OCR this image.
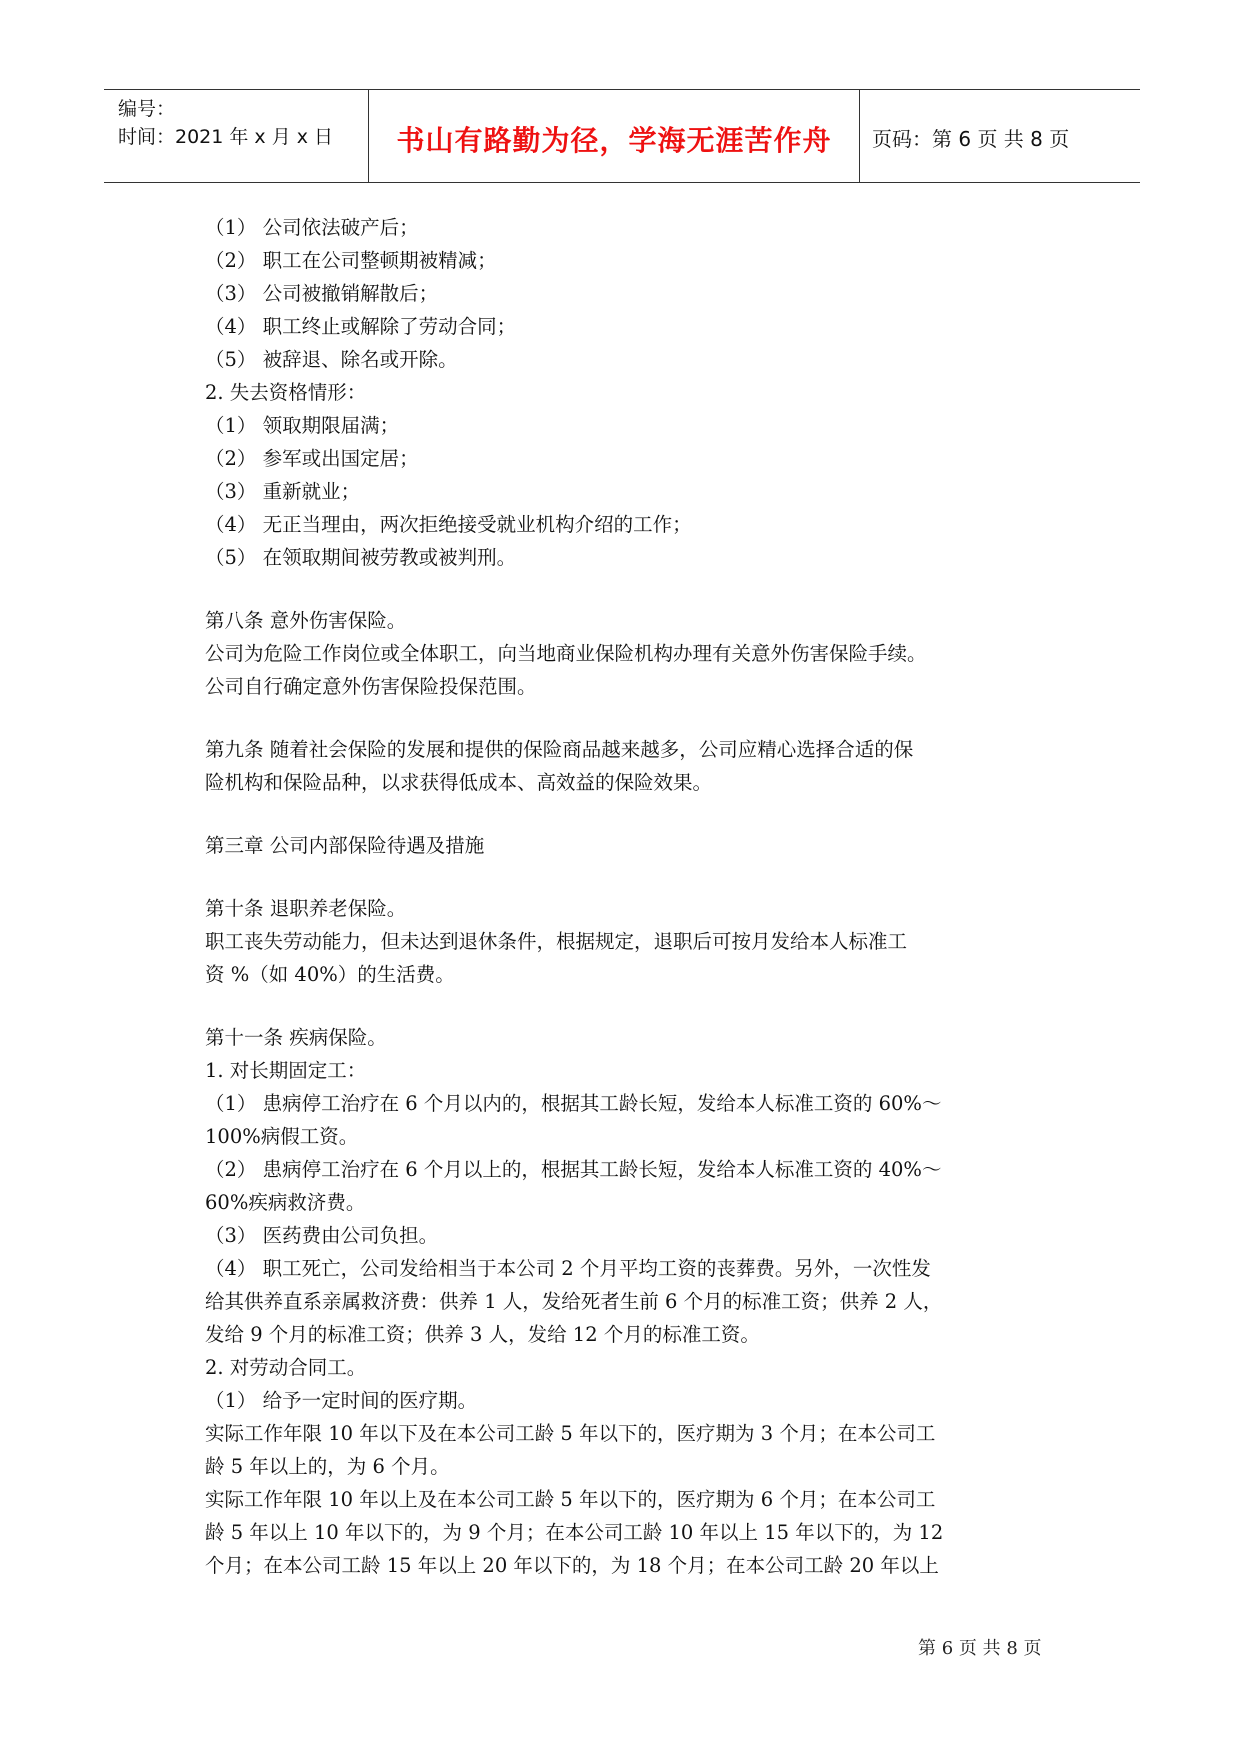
编号：
时间：2021 年 x 月 x 日	书山有路勤为径，学海无涯苦作舟	页码：第 6 页 共 8 页
（1） 公司依法破产后；
（2） 职工在公司整顿期被精减；
（3） 公司被撤销解散后；
（4） 职工终止或解除了劳动合同；
（5） 被辞退、除名或开除。
2. 失去资格情形：
（1） 领取期限届满；
（2） 参军或出国定居；
（3） 重新就业；
（4） 无正当理由，两次拒绝接受就业机构介绍的工作；
（5） 在领取期间被劳教或被判刑。
第八条 意外伤害保险。
公司为危险工作岗位或全体职工，向当地商业保险机构办理有关意外伤害保险手续。
公司自行确定意外伤害保险投保范围。
第九条 随着社会保险的发展和提供的保险商品越来越多，公司应精心选择合适的保
险机构和保险品种，以求获得低成本、高效益的保险效果。
第三章 公司内部保险待遇及措施
第十条 退职养老保险。
职工丧失劳动能力，但未达到退休条件，根据规定，退职后可按月发给本人标准工
资 %（如 40%）的生活费。
第十一条 疾病保险。
1. 对长期固定工：
（1） 患病停工治疗在 6 个月以内的，根据其工龄长短，发给本人标准工资的 60%～
100%病假工资。
（2） 患病停工治疗在 6 个月以上的，根据其工龄长短，发给本人标准工资的 40%～
60%疾病救济费。
（3） 医药费由公司负担。
（4） 职工死亡，公司发给相当于本公司 2 个月平均工资的丧葬费。另外，一次性发
给其供养直系亲属救济费：供养 1 人，发给死者生前 6 个月的标准工资；供养 2 人，
发给 9 个月的标准工资；供养 3 人，发给 12 个月的标准工资。
2. 对劳动合同工。
（1） 给予一定时间的医疗期。
实际工作年限 10 年以下及在本公司工龄 5 年以下的，医疗期为 3 个月；在本公司工
龄 5 年以上的，为 6 个月。
实际工作年限 10 年以上及在本公司工龄 5 年以下的，医疗期为 6 个月；在本公司工
龄 5 年以上 10 年以下的，为 9 个月；在本公司工龄 10 年以上 15 年以下的，为 12
个月；在本公司工龄 15 年以上 20 年以下的，为 18 个月；在本公司工龄 20 年以上
第 6 页 共 8 页
